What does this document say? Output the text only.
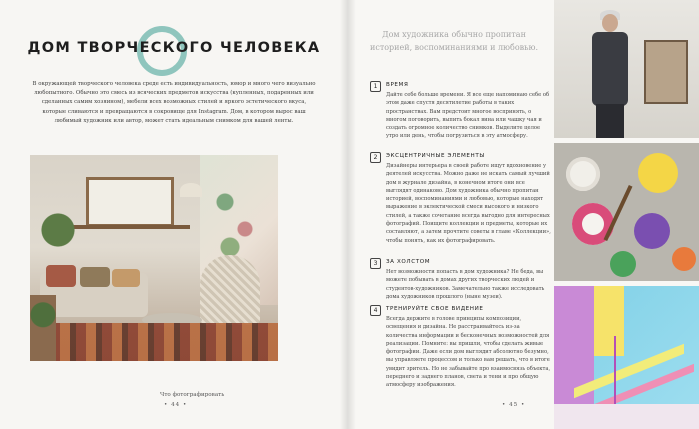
ДОМ ТВОРЧЕСКОГО ЧЕЛОВЕКА
В окружающей творческого человека среде есть индивидуальность, юмор и много чего визуально любопытного. Обычно это смесь из всяческих предметов искусства (купленных, подаренных или сделанных самим хозяином), мебели всех возможных стилей и яркого эстетического вкуса, которые сливаются и превращаются в сокровище для Instagram. Дом, в котором вырос ваш любимый художник или автор, может стать идеальным снимком для вашей ленты.
Что фотографировать
• 44 •
Дом художника обычно пропитан историей, воспоминаниями и любовью.
1	ВРЕМЯ
Дайте себе больше времени. Я все еще напоминаю себе об этом даже спустя десятилетие работы в таких пространствах. Вам предстоит многое воспринять, о многом поговорить, выпить бокал вина или чашку чая и создать огромное количество снимков. Выделите целое утро или день, чтобы погрузиться в эту атмосферу.
2	ЭКСЦЕНТРИЧНЫЕ ЭЛЕМЕНТЫ
Дизайнеры интерьера в своей работе ищут вдохновение у деятелей искусства. Можно даже не искать самый лучший дом в журнале дизайна, в конечном итоге они все выглядят одинаково. Дом художника обычно пропитан историей, воспоминаниями и любовью, которые находят выражение в эклектической смеси высокого и низкого стилей, а также сочетание всегда выгодно для интересных фотографий. Поищите коллекции и предметы, которые их составляют, а затем прочтите советы в главе «Коллекции», чтобы понять, как их фотографировать.
3	ЗА ХОЛСТОМ
Нет возможности попасть в дом художника? Не беда, вы можете побывать в домах других творческих людей и студентов-художников. Замечательно также исследовать дома художников прошлого (ныне музеи).
4	ТРЕНИРУЙТЕ СВОЕ ВИДЕНИЕ
Всегда держите в голове принципы композиции, освещения и дизайна. Не расстраивайтесь из-за количества информации и бесконечных возможностей для реализации. Помните: вы пришли, чтобы сделать живые фотографии. Даже если дом выглядит абсолютно безумно, вы управляете процессом и только вам решать, что в итоге увидит зритель. Но не забывайте про взаимосвязь объекта, переднего и заднего планов, света и тени и про общую атмосферу изображения.
• 45 •
